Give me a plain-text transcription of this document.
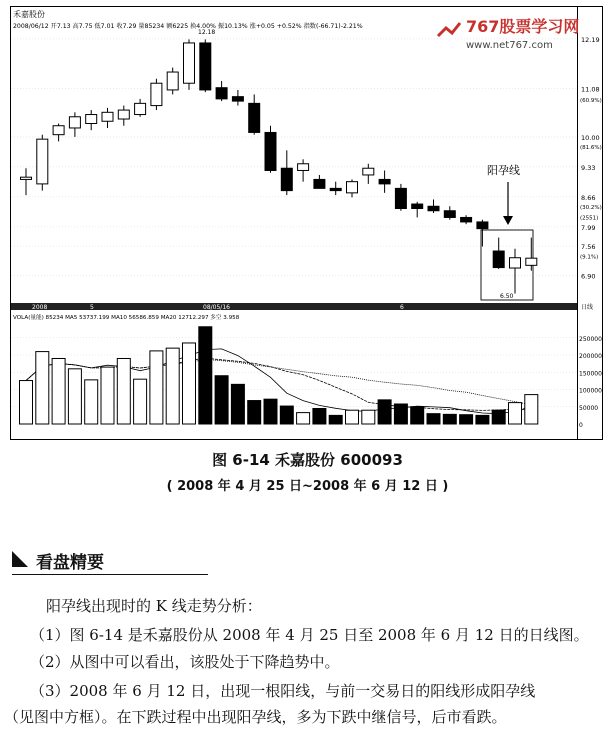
禾嘉股份
2008/06/12 开7.13 高7.75 低7.01 收7.29 量85234 额6225 换4.00% 振10.13% 涨+0.05 +0.52% 指数(-66.71)-2.21%	767股票学习网
www.net767.com
阳孕线
12.19
11.08
10.00
9.33
8.66
7.99
7.56
6.90
(60.9%)
(81.6%)
(30.2%)
(9.1%)
(2551)
250000
200000
150000
100000
50000
0
2008	5	08/05/16	6	日线
VOLA(量能) 85234 MA5 53737.199 MA10 56586.859 MA20 12712.297 多空 3.958
6.50
12.18
图 6-14 禾嘉股份 600093
( 2008 年 4 月 25 日~2008 年 6 月 12 日 )
看盘精要
阳孕线出现时的 K 线走势分析：
（1）图 6-14 是禾嘉股份从 2008 年 4 月 25 日至 2008 年 6 月 12 日的日线图。
（2）从图中可以看出，该股处于下降趋势中。
（3）2008 年 6 月 12 日，出现一根阳线，与前一交易日的阳线形成阳孕线
（见图中方框）。在下跌过程中出现阳孕线，多为下跌中继信号，后市看跌。
